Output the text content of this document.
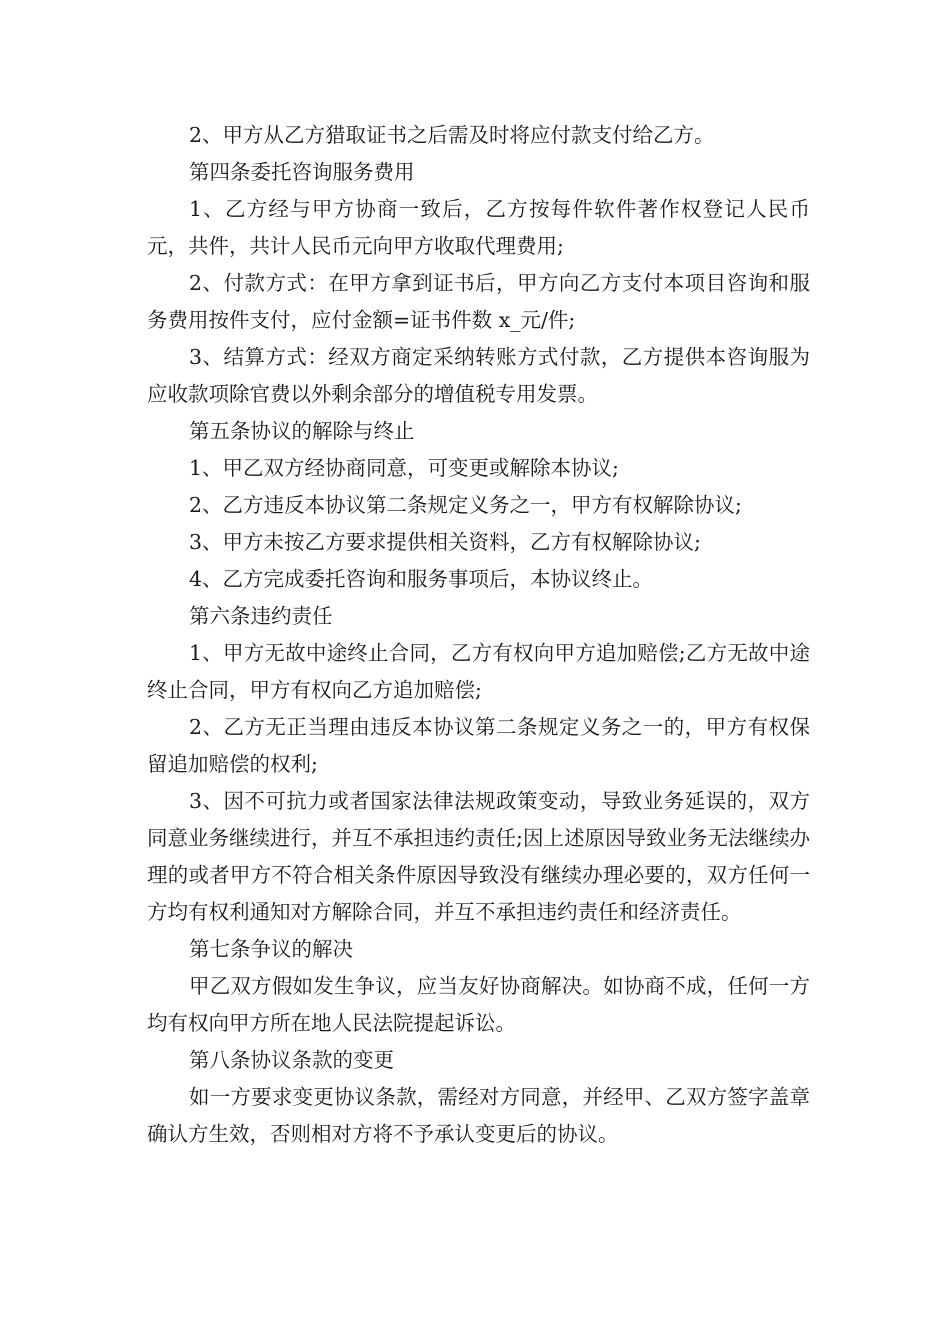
2、甲方从乙方猎取证书之后需及时将应付款支付给乙方。

第四条委托咨询服务费用

1、乙方经与甲方协商一致后，乙方按每件软件著作权登记人民币元，共件，共计人民币元向甲方收取代理费用;

2、付款方式：在甲方拿到证书后，甲方向乙方支付本项目咨询和服务费用按件支付，应付金额=证书件数 x_元/件;

3、结算方式：经双方商定采纳转账方式付款，乙方提供本咨询服为应收款项除官费以外剩余部分的增值税专用发票。

第五条协议的解除与终止

1、甲乙双方经协商同意，可变更或解除本协议;

2、乙方违反本协议第二条规定义务之一，甲方有权解除协议;

3、甲方未按乙方要求提供相关资料，乙方有权解除协议;

4、乙方完成委托咨询和服务事项后，本协议终止。

第六条违约责任

1、甲方无故中途终止合同，乙方有权向甲方追加赔偿;乙方无故中途终止合同，甲方有权向乙方追加赔偿;

2、乙方无正当理由违反本协议第二条规定义务之一的，甲方有权保留追加赔偿的权利;

3、因不可抗力或者国家法律法规政策变动，导致业务延误的，双方同意业务继续进行，并互不承担违约责任;因上述原因导致业务无法继续办理的或者甲方不符合相关条件原因导致没有继续办理必要的，双方任何一方均有权利通知对方解除合同，并互不承担违约责任和经济责任。

第七条争议的解决

甲乙双方假如发生争议，应当友好协商解决。如协商不成，任何一方均有权向甲方所在地人民法院提起诉讼。

第八条协议条款的变更

如一方要求变更协议条款，需经对方同意，并经甲、乙双方签字盖章确认方生效，否则相对方将不予承认变更后的协议。
